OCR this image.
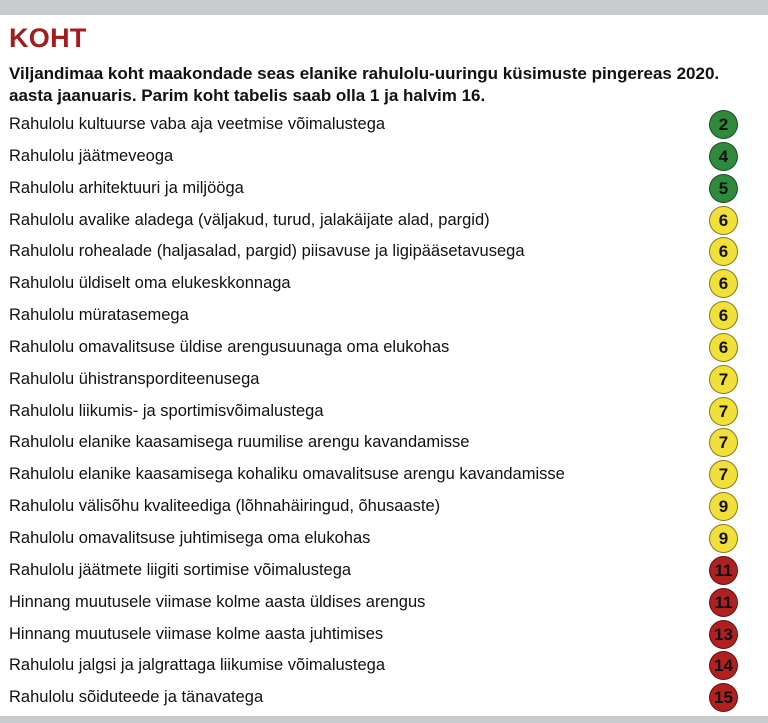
KOHT

Viljandimaa koht maakondade seas elanike rahulolu-uuringu küsimuste pingereas 2020. aasta jaanuaris. Parim koht tabelis saab olla 1 ja halvim 16.

Rahulolu kultuurse vaba aja veetmise võimalustega	2
Rahulolu jäätmeveoga	4
Rahulolu arhitektuuri ja miljööga	5
Rahulolu avalike aladega (väljakud, turud, jalakäijate alad, pargid)	6
Rahulolu rohealade (haljasalad, pargid) piisavuse ja ligipääsetavusega	6
Rahulolu üldiselt oma elukeskkonnaga	6
Rahulolu müratasemega	6
Rahulolu omavalitsuse üldise arengusuunaga oma elukohas	6
Rahulolu ühistransporditeenusega	7
Rahulolu liikumis- ja sportimisvõimalustega	7
Rahulolu elanike kaasamisega ruumilise arengu kavandamisse	7
Rahulolu elanike kaasamisega kohaliku omavalitsuse arengu kavandamisse	7
Rahulolu välisõhu kvaliteediga (lõhnahäiringud, õhusaaste)	9
Rahulolu omavalitsuse juhtimisega oma elukohas	9
Rahulolu jäätmete liigiti sortimise võimalustega	11
Hinnang muutusele viimase kolme aasta üldises arengus	11
Hinnang muutusele viimase kolme aasta juhtimises	13
Rahulolu jalgsi ja jalgrattaga liikumise võimalustega	14
Rahulolu sõiduteede ja tänavatega	15
